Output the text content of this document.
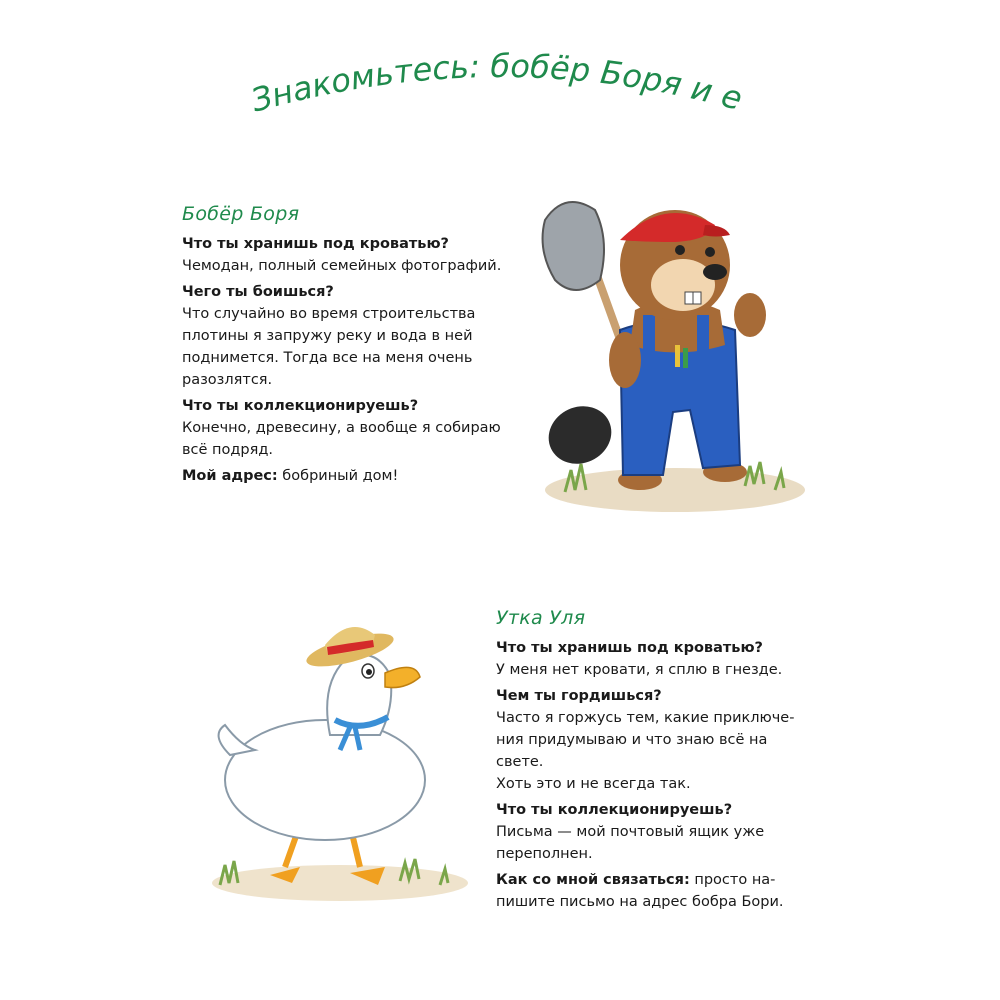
Знакомьтесь: бобёр Боря и его друзья
Бобёр Боря
Что ты хранишь под кроватью?
Чемодан, полный семейных фотографий.
Чего ты боишься?
Что случайно во время строительства
плотины я запружу реку и вода в ней
поднимется. Тогда все на меня очень
разозлятся.
Что ты коллекционируешь?
Конечно, древесину, а вообще я собираю
всё подряд.
Мой адрес: бобриный дом!
Утка Уля
Что ты хранишь под кроватью?
У меня нет кровати, я сплю в гнезде.
Чем ты гордишься?
Часто я горжусь тем, какие приключе-
ния придумываю и что знаю всё на свете.
Хоть это и не всегда так.
Что ты коллекционируешь?
Письма — мой почтовый ящик уже
переполнен.
Как со мной связаться: просто на-
пишите письмо на адрес бобра Бори.
